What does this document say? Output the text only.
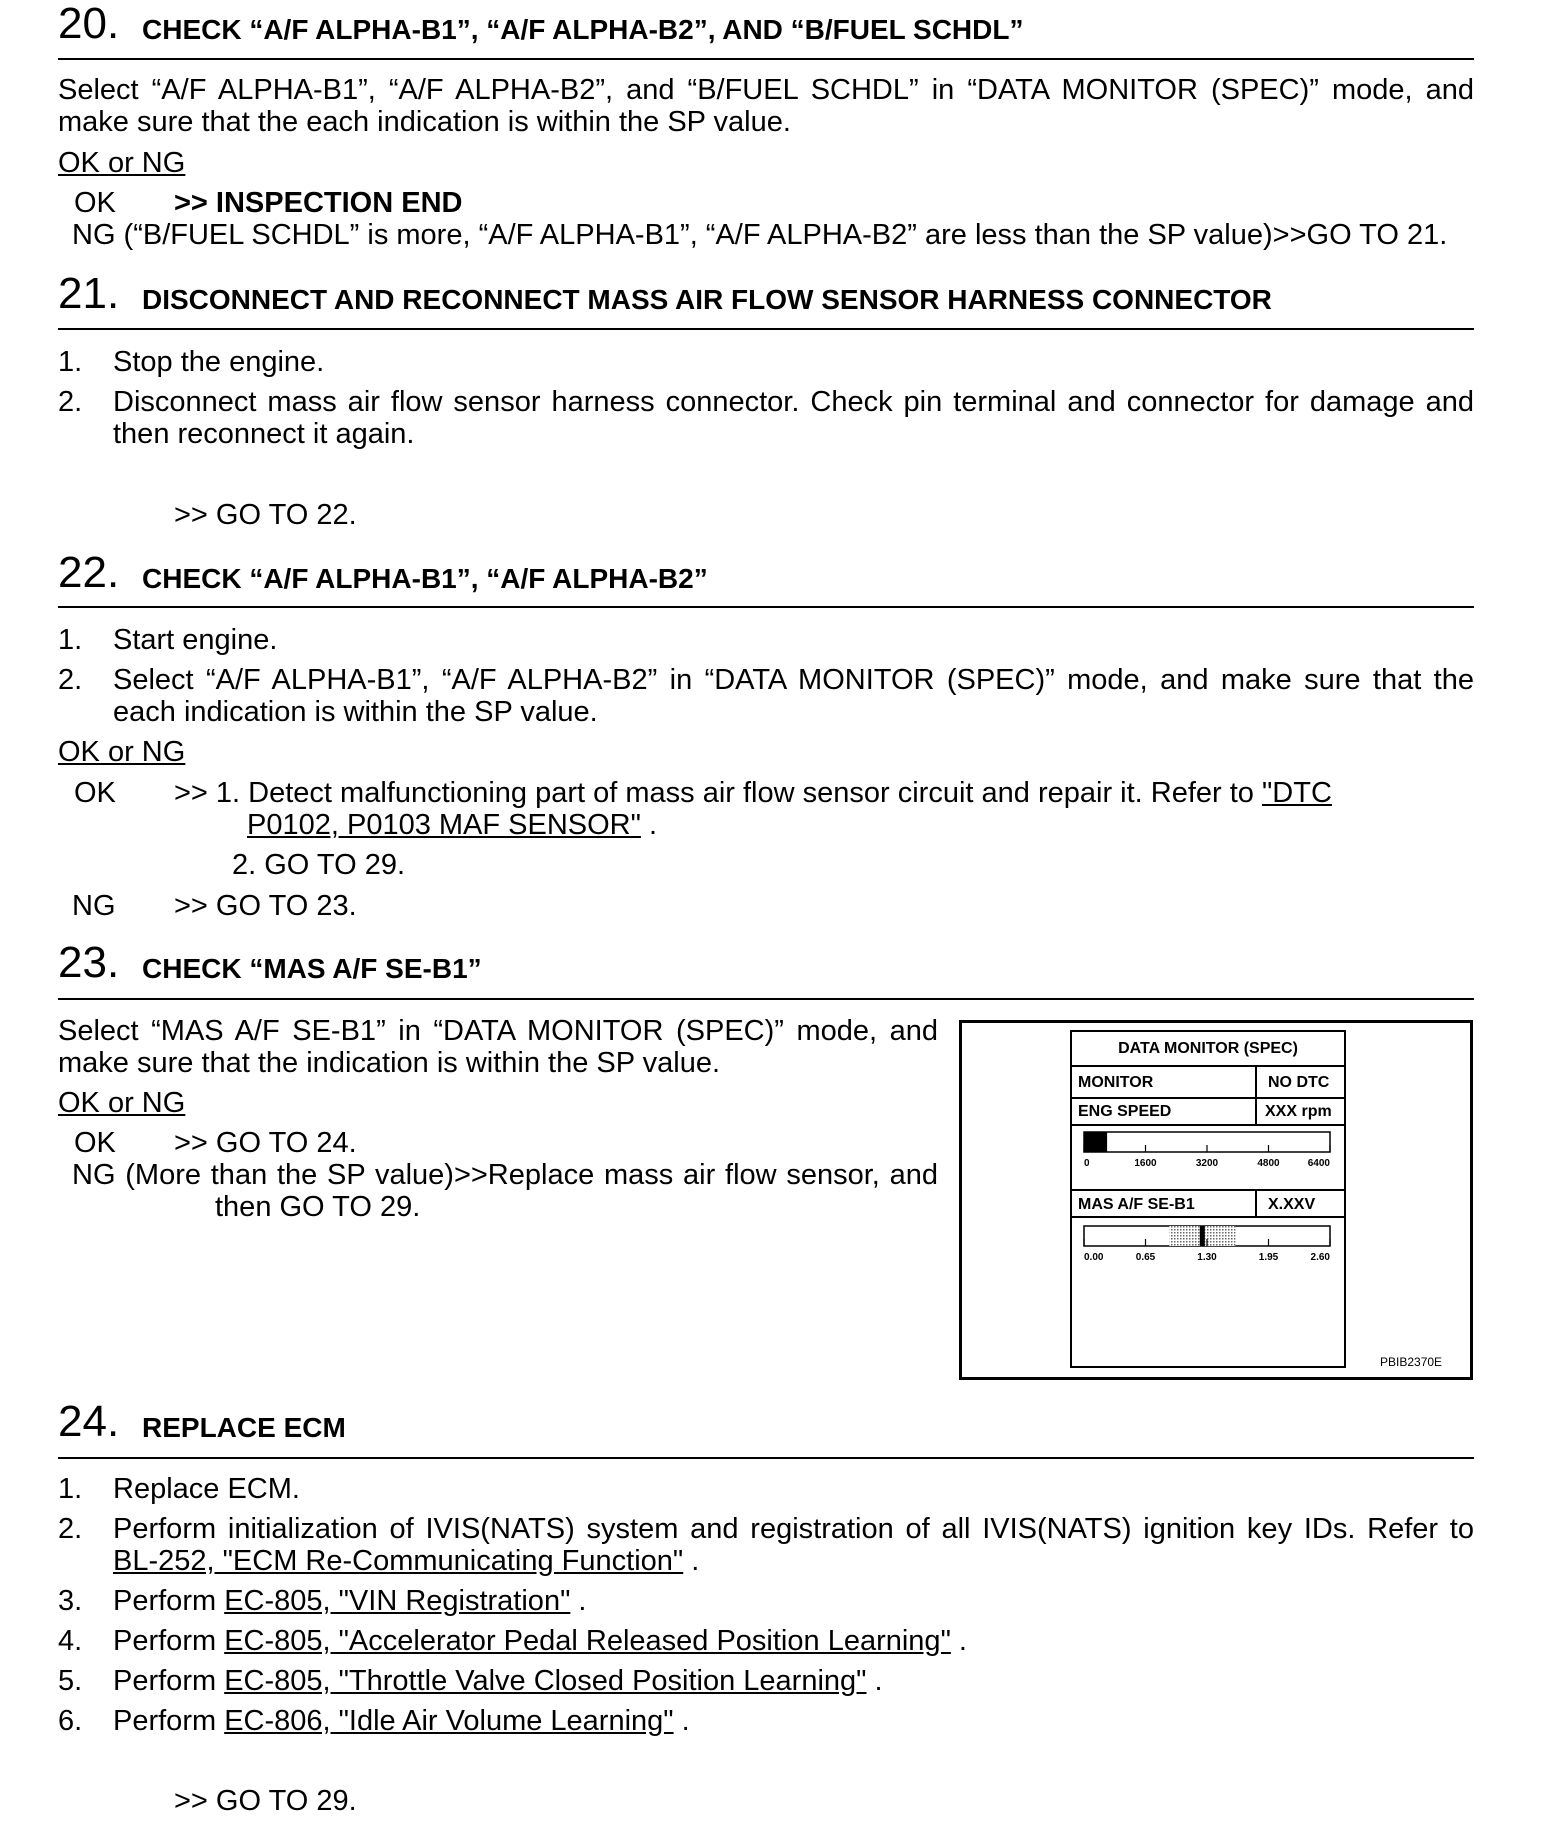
20. CHECK “A/F ALPHA-B1”, “A/F ALPHA-B2”, AND “B/FUEL SCHDL”
Select “A/F ALPHA-B1”, “A/F ALPHA-B2”, and “B/FUEL SCHDL” in “DATA MONITOR (SPEC)” mode, and
make sure that the each indication is within the SP value.
OK or NG
OK >> INSPECTION END
NG (“B/FUEL SCHDL” is more, “A/F ALPHA-B1”, “A/F ALPHA-B2” are less than the SP value)>>GO TO 21.
21. DISCONNECT AND RECONNECT MASS AIR FLOW SENSOR HARNESS CONNECTOR
1. Stop the engine.
2. Disconnect mass air flow sensor harness connector. Check pin terminal and connector for damage and
then reconnect it again.
>> GO TO 22.
22. CHECK “A/F ALPHA-B1”, “A/F ALPHA-B2”
1. Start engine.
2. Select “A/F ALPHA-B1”, “A/F ALPHA-B2” in “DATA MONITOR (SPEC)” mode, and make sure that the
each indication is within the SP value.
OK or NG
OK >> 1. Detect malfunctioning part of mass air flow sensor circuit and repair it. Refer to "DTC
P0102, P0103 MAF SENSOR" .
2. GO TO 29.
NG >> GO TO 23.
23. CHECK “MAS A/F SE-B1”
Select “MAS A/F SE-B1” in “DATA MONITOR (SPEC)” mode, and
make sure that the indication is within the SP value.
OK or NG
OK >> GO TO 24.
NG (More than the SP value)>>Replace mass air flow sensor, and
then GO TO 29.
DATA MONITOR (SPEC)
MONITOR	NO DTC
ENG SPEED	XXX rpm
0	1600	3200	4800	6400
MAS A/F SE-B1	X.XXV
0.00	0.65	1.30	1.95	2.60
PBIB2370E
24. REPLACE ECM
1. Replace ECM.
2. Perform initialization of IVIS(NATS) system and registration of all IVIS(NATS) ignition key IDs. Refer to
BL-252, "ECM Re-Communicating Function" .
3. Perform EC-805, "VIN Registration" .
4. Perform EC-805, "Accelerator Pedal Released Position Learning" .
5. Perform EC-805, "Throttle Valve Closed Position Learning" .
6. Perform EC-806, "Idle Air Volume Learning" .
>> GO TO 29.
